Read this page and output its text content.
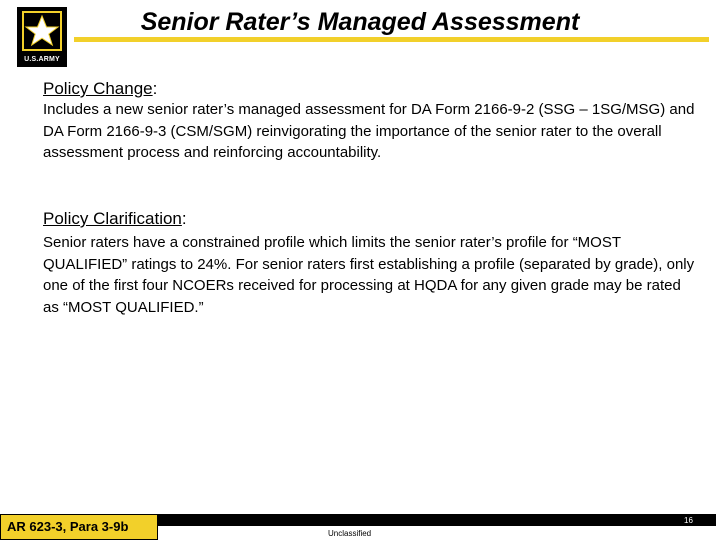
U.S.ARMY
Senior Rater’s Managed Assessment
Policy Change:
Includes a new senior rater’s managed assessment for DA Form 2166-9-2 (SSG – 1SG/MSG) and DA Form 2166-9-3 (CSM/SGM) reinvigorating the importance of the senior rater to the overall assessment process and reinforcing accountability.
Policy Clarification:
Senior raters have a constrained profile which limits the senior rater’s profile for “MOST QUALIFIED” ratings to 24%. For senior raters first establishing a profile (separated by grade), only one of the first four NCOERs received for processing at HQDA for any given grade may be rated as “MOST QUALIFIED.”
AR 623-3, Para 3-9b	Unclassified
16
